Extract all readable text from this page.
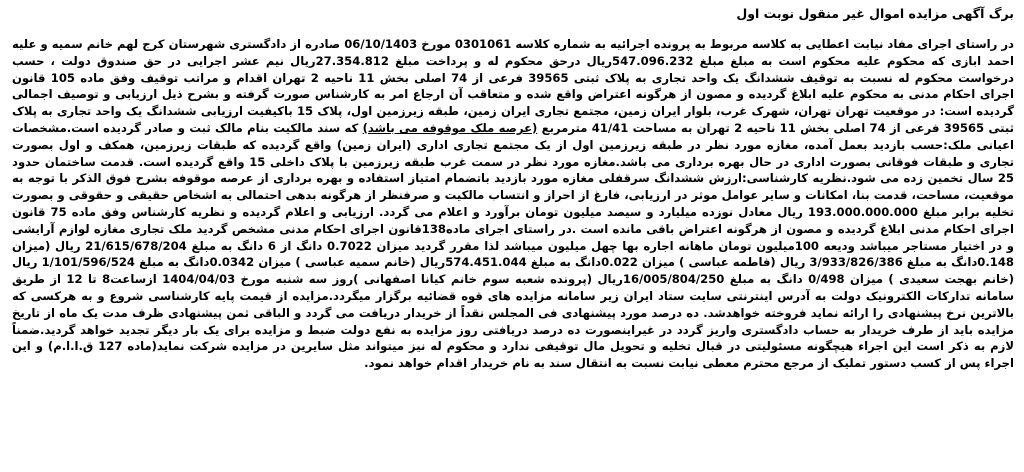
برگ آگهی مزایده اموال غیر منقول نوبت اول

در راستای اجرای مفاد نیابت اعطایی به کلاسه مربوط به پرونده اجرائیه به شماره کلاسه 0301061 مورخ 06/10/1403 صادره از دادگستری شهرستان کرج لهم خانم سمیه و علیه احمد ابازی که محکوم علیه محکوم است به مبلغ مبلغ 547.096.232ریال درحق محکوم له و پرداخت مبلغ 27.354.812ریال نیم عشر اجرایی در حق صندوق دولت ، حسب درخواست محکوم له نسبت به توقیف ششدانگ یک واحد تجاری به پلاک ثبتی 39565 فرعی از 74 اصلی بخش 11 ناحیه 2 تهران اقدام و مراتب توقیف وفق ماده 105 قانون اجرای احکام مدنی به محکوم علیه ابلاغ گردیده و مصون از هرگونه اعتراض واقع شده و متعاقب آن ارجاع امر به کارشناس صورت گرفته و بشرح ذیل ارزیابی و توصیف اجمالی گردیده است: در موقعیت تهران تهران، شهرک غرب، بلوار ایران زمین، مجتمع تجاری ایران زمین، طبقه زیرزمین اول، پلاک 15 باکیفیت ارزیابی ششدانگ یک واحد تجاری به پلاک ثبتی 39565 فرعی از 74 اصلی بخش 11 ناحیه 2 تهران به مساحت 41/41 مترمربع (عرصه ملک موقوفه می باشد) که سند مالکیت بنام مالک ثبت و صادر گردیده است.مشخصات اعیانی ملک:حسب بازدید بعمل آمده، مغازه مورد نظر در طبقه زیرزمین اول از یک مجتمع تجاری اداری (ایران زمین) واقع گردیده که طبقات زیرزمین، همکف و اول بصورت تجاری و طبقات فوقانی بصورت اداری در حال بهره برداری می باشد.مغازه مورد نظر در سمت غرب طبقه زیرزمین با پلاک داخلی 15 واقع گردیده است. قدمت ساختمان حدود 25 سال تخمین زده می شود.نظریه کارشناسی:ارزش ششدانگ سرقفلی مغازه مورد بازدید باتضمام امتیاز استفاده و بهره برداری از عرصه موقوفه بشرح فوق الذکر با توجه به موقعیت، مساحت، قدمت بنا، امکانات و سایر عوامل موثر در ارزیابی، فارغ از احراز و انتساب مالکیت و صرفنظر از هرگونه بدهی احتمالی به اشخاص حقیقی و حقوقی و بصورت تخلیه برابر مبلغ 193.000.000.000 ریال معادل نوزده میلیارد و سیصد میلیون تومان برآورد و اعلام می گردد. ارزیابی و اعلام گردیده و نظریه کارشناس وفق ماده 75 قانون اجرای احکام مدنی ابلاغ گردیده و مصون از هرگونه اعتراض باقی مانده است .در راستای اجرای ماده138قانون اجرای احکام مدنی مشخص گردید ملک تجاری مغازه لوازم آرایشی و در اختیار مستاجر میباشد ودیعه 100میلیون تومان ماهانه اجاره بها چهل میلیون میباشد لذا مقرر گردید میزان 0.7022 دانگ از 6 دانگ به مبلغ 21/615/678/204 ریال (میزان 0.148دانگ به مبلغ 3/933/826/386 ریال (فاطمه عباسی ) میزان 0.022دانگ به مبلغ 574.451.044ریال (خانم سمیه عباسی ) میزان 0.0342دانگ به مبلغ 1/101/596/524 ریال (خانم بهجت سعیدی ) میزان 0/498 دانگ به مبلغ 16/005/804/250ریال (پرونده شعبه سوم خانم کیانا اصفهانی )روز سه شنبه مورخ 1404/04/03 ازساعت8 تا 12 از طریق سامانه تدارکات الکترونیک دولت به آدرس اینترنتی سایت ستاد ایران زیر سامانه مزایده های قوه قضائیه برگزار میگردد.مزایده از قیمت پایه کارشناسی شروع و به هرکسی که بالاترین نرخ پیشنهادی را ارائه نماید فروخته خواهدشد. ده درصد مورد پیشنهادی فی المجلس نقداً از خریدار دریافت می گردد و الباقی ثمن پیشنهادی ظرف مدت یک ماه از تاریخ مزایده باید از طرف خریدار به حساب دادگستری واریز گردد در غیراینصورت ده درصد دریافتی روز مزایده به نفع دولت ضبط و مزایده برای یک بار دیگر تجدید خواهد گردید.ضمناً لازم به ذکر است این اجراء هیچگونه مسئولیتی در قبال تخلیه و تحویل مال توقیفی ندارد و محکوم له نیز میتواند مثل سایرین در مزایده شرکت نماید(ماده 127 ق.ا.ا.م) و این اجراء پس از کسب دستور تملیک از مرجع محترم معطی نیابت نسبت به انتقال سند به نام خریدار اقدام خواهد نمود.
